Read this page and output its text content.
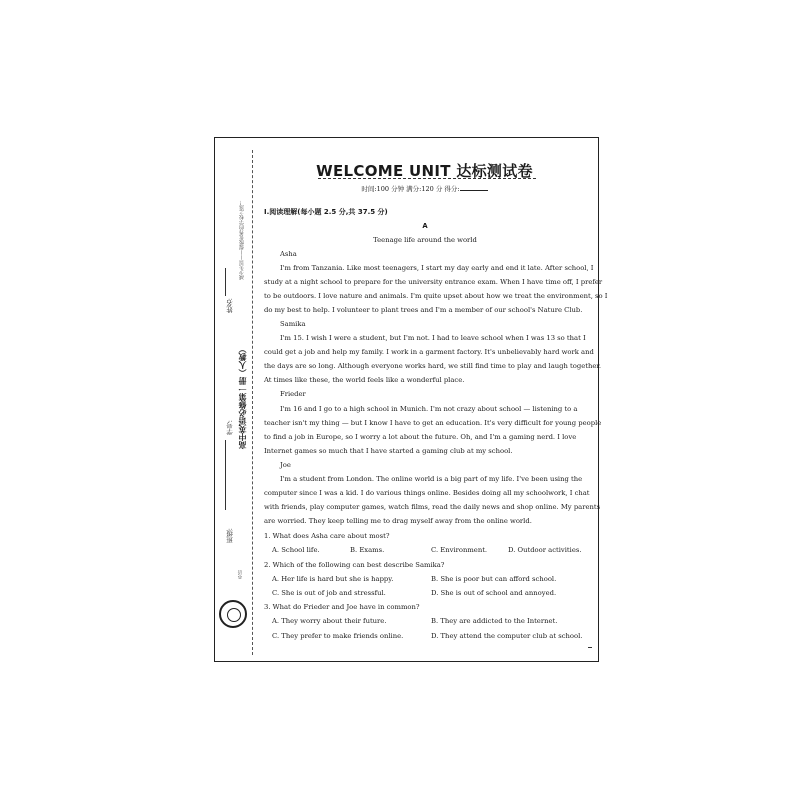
姓名:
学号:
班级:
高中英语必修第一册（人教）
减少失误——提级优秀的学校之选！
英语
WELCOME UNIT 达标测试卷
时间:100 分钟 满分:120 分 得分:
Ⅰ.阅读理解(每小题 2.5 分,共 37.5 分)
A
Teenage life around the world
Asha
I'm from Tanzania. Like most teenagers, I start my day early and end it late. After school, I
study at a night school to prepare for the university entrance exam. When I have time off, I prefer
to be outdoors. I love nature and animals. I'm quite upset about how we treat the environment, so I
do my best to help. I volunteer to plant trees and I'm a member of our school's Nature Club.
Samika
I'm 15. I wish I were a student, but I'm not. I had to leave school when I was 13 so that I
could get a job and help my family. I work in a garment factory. It's unbelievably hard work and
the days are so long. Although everyone works hard, we still find time to play and laugh together.
At times like these, the world feels like a wonderful place.
Frieder
I'm 16 and I go to a high school in Munich. I'm not crazy about school — listening to a
teacher isn't my thing — but I know I have to get an education. It's very difficult for young people
to find a job in Europe, so I worry a lot about the future. Oh, and I'm a gaming nerd. I love
Internet games so much that I have started a gaming club at my school.
Joe
I'm a student from London. The online world is a big part of my life. I've been using the
computer since I was a kid. I do various things online. Besides doing all my schoolwork, I chat
with friends, play computer games, watch films, read the daily news and shop online. My parents
are worried. They keep telling me to drag myself away from the online world.
1. What does Asha care about most?
A. School life.	B. Exams.	C. Environment.	D. Outdoor activities.
2. Which of the following can best describe Samika?
A. Her life is hard but she is happy.	B. She is poor but can afford school.
C. She is out of job and stressful.	D. She is out of school and annoyed.
3. What do Frieder and Joe have in common?
A. They worry about their future.	B. They are addicted to the Internet.
C. They prefer to make friends online.	D. They attend the computer club at school.
